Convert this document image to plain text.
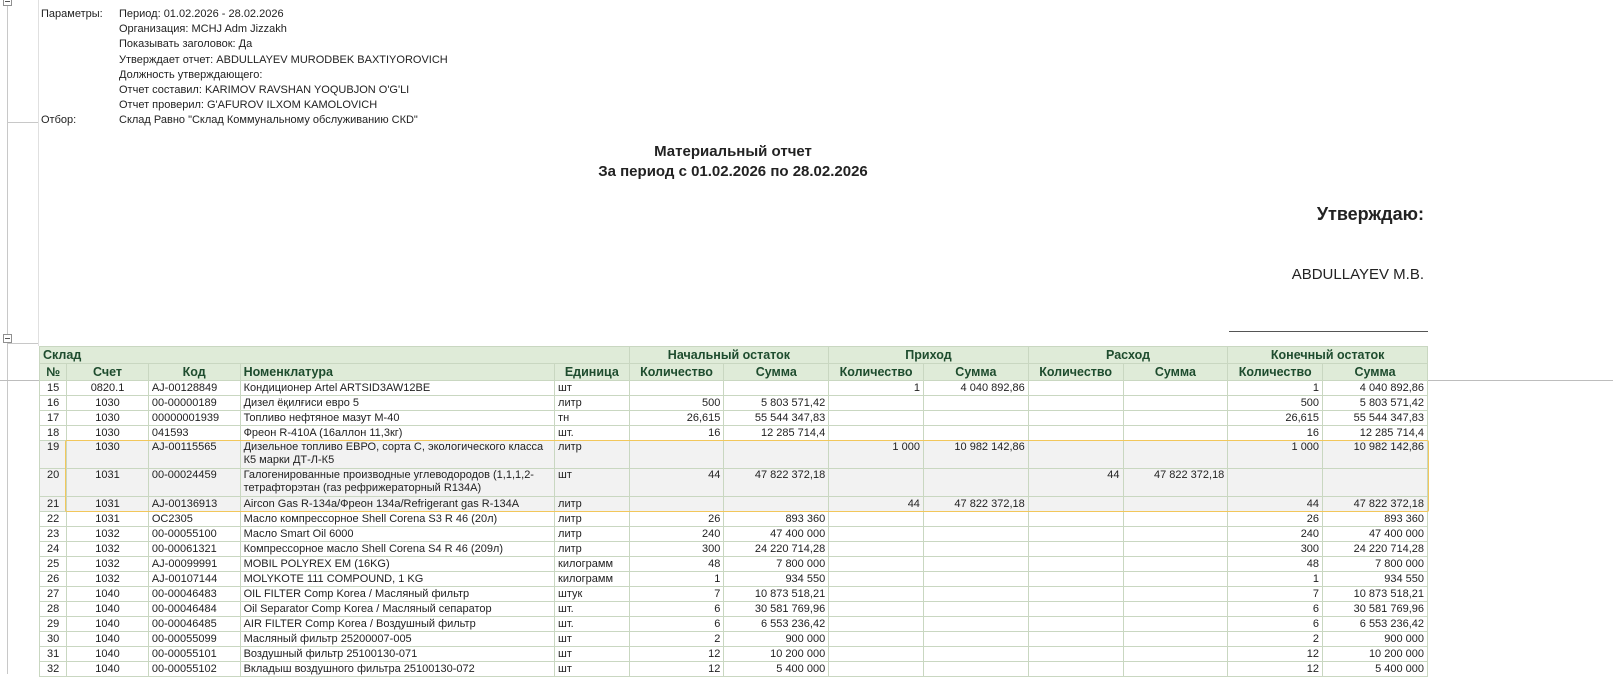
Параметры:	Период: 01.02.2026 - 28.02.2026
Организация: MCHJ Adm Jizzakh
Показывать заголовок: Да
Утверждает отчет: ABDULLAYEV MURODBEK BAXTIYOROVICH
Должность утверждающего:
Отчет составил: KARIMOV RAVSHAN YOQUBJON O'G'LI
Отчет проверил: G'AFUROV ILXOM KAMOLOVICH
Отбор:	Склад Равно "Склад Коммунальному обслуживанию СКD"
Материальный отчет
За период с 01.02.2026 по 28.02.2026
Утверждаю:
ABDULLAYEV M.B.
Склад					Начальный остаток		Приход		Расход		Конечный остаток	
№	Счет	Код	Номенклатура	Единица	Количество	Сумма	Количество	Сумма	Количество	Сумма	Количество	Сумма
15	0820.1	AJ-00128849	Кондиционер Artel ARTSID3AW12BE	шт			1	4 040 892,86			1	4 040 892,86
16	1030	00-00000189	Дизел ёқилғиси евро 5	литр	500	5 803 571,42					500	5 803 571,42
17	1030	00000001939	Топливо нефтяное мазут М-40	тн	26,615	55 544 347,83					26,615	55 544 347,83
18	1030	041593	Фреон R-410A (16аллон 11,3кг)	шт.	16	12 285 714,4					16	12 285 714,4
19	1030	AJ-00115565	Дизельное топливо ЕВРО, сорта С, экологического класса К5 марки ДТ-Л-К5	литр			1 000	10 982 142,86			1 000	10 982 142,86
20	1031	00-00024459	Галогенированные производные углеводородов (1,1,1,2-тетрафторэтан (газ рефрижераторный R134A)	шт	44	47 822 372,18			44	47 822 372,18		
21	1031	AJ-00136913	Aircon Gas R-134a/Фреон 134a/Refrigerant gas R-134A	литр			44	47 822 372,18			44	47 822 372,18
22	1031	OC2305	Масло компрессорное Shell Corena S3 R 46 (20л)	литр	26	893 360					26	893 360
23	1032	00-00055100	Масло Smart Oil 6000	литр	240	47 400 000					240	47 400 000
24	1032	00-00061321	Компрессорное масло Shell Corena S4 R 46 (209л)	литр	300	24 220 714,28					300	24 220 714,28
25	1032	AJ-00099991	MOBIL POLYREX EM (16KG)	килограмм	48	7 800 000					48	7 800 000
26	1032	AJ-00107144	MOLYKOTE 111 COMPOUND, 1 KG	килограмм	1	934 550					1	934 550
27	1040	00-00046483	OIL FILTER Comp Korea / Масляный фильтр	штук	7	10 873 518,21					7	10 873 518,21
28	1040	00-00046484	Oil Separator Comp Korea / Масляный сепаратор	шт.	6	30 581 769,96					6	30 581 769,96
29	1040	00-00046485	AIR FILTER Comp Korea / Воздушный фильтр	шт.	6	6 553 236,42					6	6 553 236,42
30	1040	00-00055099	Масляный фильтр 25200007-005	шт	2	900 000					2	900 000
31	1040	00-00055101	Воздушный фильтр 25100130-071	шт	12	10 200 000					12	10 200 000
32	1040	00-00055102	Вкладыш воздушного фильтра 25100130-072	шт	12	5 400 000					12	5 400 000
